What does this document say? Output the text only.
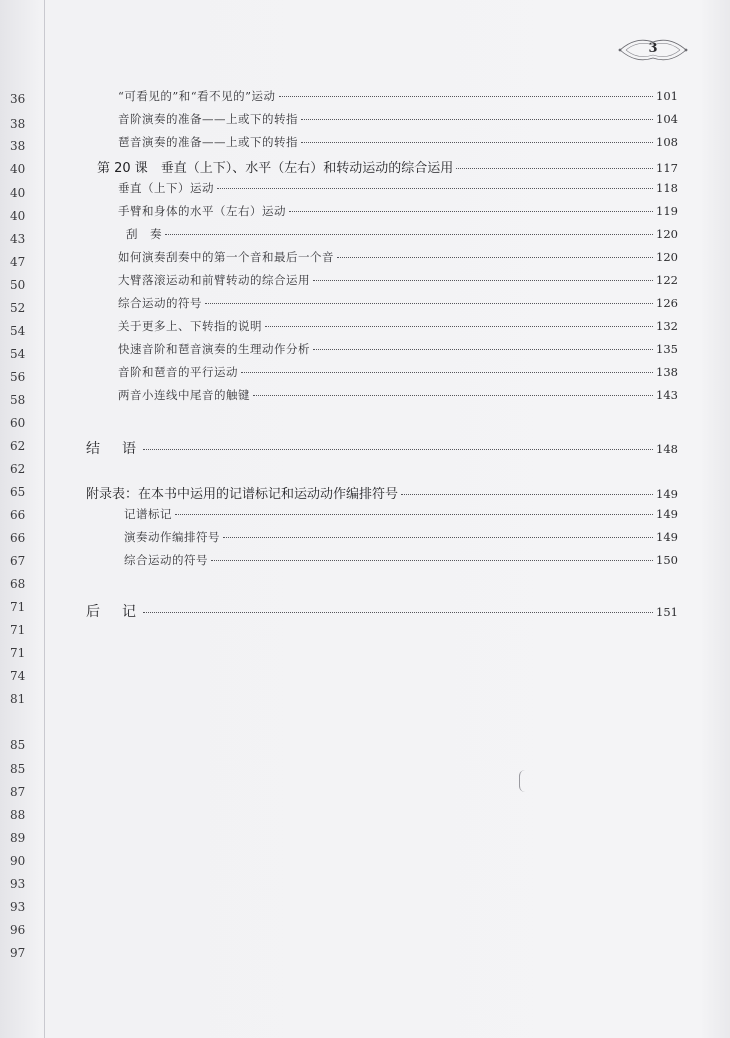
36
38
38
40
40
40
43
47
50
52
54
54
56
58
60
62
62
65
66
66
67
68
71
71
71
74
81
85
85
87
88
89
90
93
93
96
97
3
“可看见的”和“看不见的”运动	101
音阶演奏的准备——上或下的转指	104
琶音演奏的准备——上或下的转指	108
第 20 课　垂直（上下）、水平（左右）和转动运动的综合运用	117
垂直（上下）运动	118
手臂和身体的水平（左右）运动	119
刮　奏	120
如何演奏刮奏中的第一个音和最后一个音	120
大臂落滚运动和前臂转动的综合运用	122
综合运动的符号	126
关于更多上、下转指的说明	132
快速音阶和琶音演奏的生理动作分析	135
音阶和琶音的平行运动	138
两音小连线中尾音的触键	143
结　语	148
附录表：在本书中运用的记谱标记和运动动作编排符号	149
记谱标记	149
演奏动作编排符号	149
综合运动的符号	150
后　记	151
